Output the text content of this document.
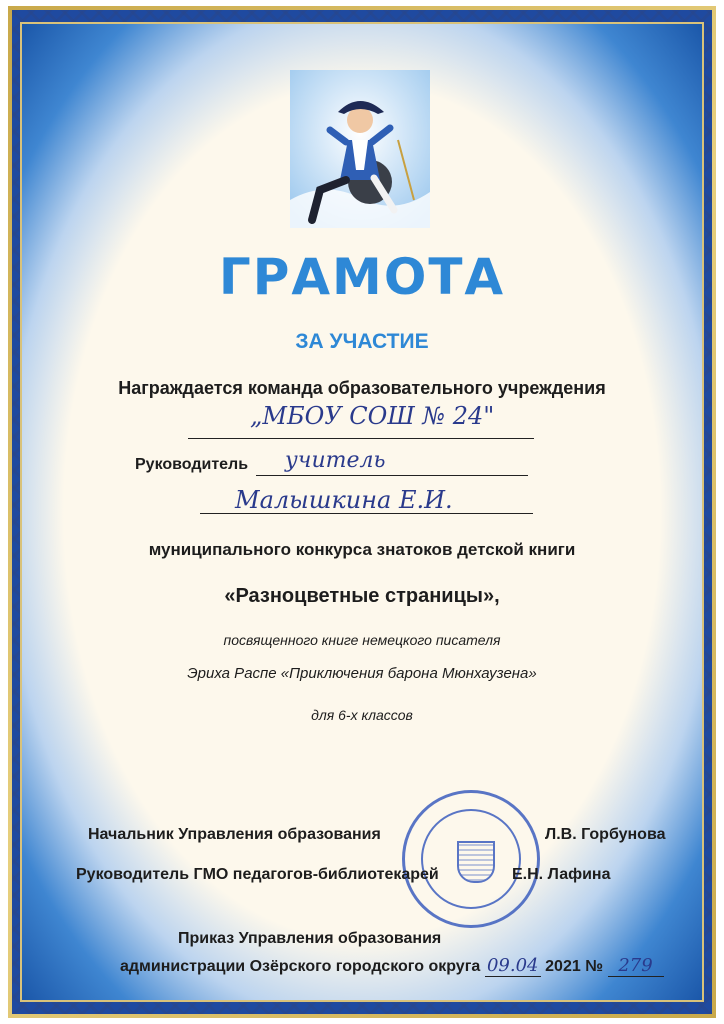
ГРАМОТА
ЗА УЧАСТИЕ
Награждается команда образовательного учреждения
„МБОУ СОШ № 24"
Руководитель учитель
Малышкина Е.И.
муниципального конкурса знатоков детской книги
«Разноцветные страницы»,
посвященного книге немецкого писателя
Эриха Распе «Приключения барона Мюнхаузена»
для 6-х классов
Начальник Управления образования	Л.В. Горбунова
Руководитель ГМО педагогов-библиотекарей	Е.Н. Лафина
Приказ Управления образования
администрации Озёрского городского округа 09.04 2021 № 279
